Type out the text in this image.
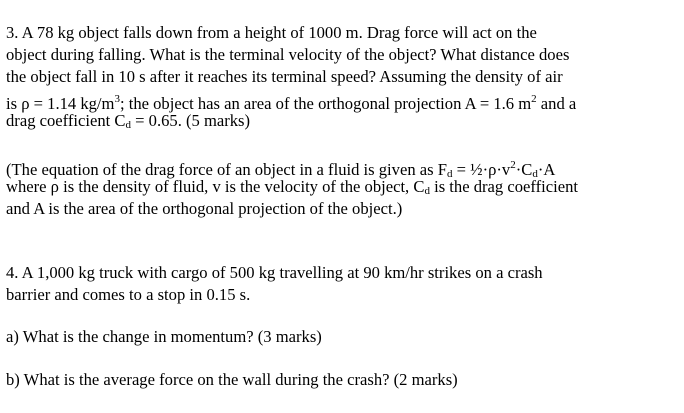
3. A 78 kg object falls down from a height of 1000 m. Drag force will act on the
object during falling. What is the terminal velocity of the object? What distance does
the object fall in 10 s after it reaches its terminal speed? Assuming the density of air
is ρ = 1.14 $kg/m^3$; the object has an area of the orthogonal projection A = 1.6 $m^2$ and a
drag coefficient Cd = 0.65. (5 marks)
(The equation of the drag force of an object in a fluid is given as $Fd = \frac{1}{2}\cdot\rho\cdot v^2\cdot Cd\cdot A$
where ρ is the density of fluid, v is the velocity of the object, Cd is the drag coefficient
and A is the area of the orthogonal projection of the object.)
4. A 1,000 kg truck with cargo of 500 kg travelling at 90 km/hr strikes on a crash
barrier and comes to a stop in 0.15 s.
a) What is the change in momentum? (3 marks)
b) What is the average force on the wall during the crash? (2 marks)
